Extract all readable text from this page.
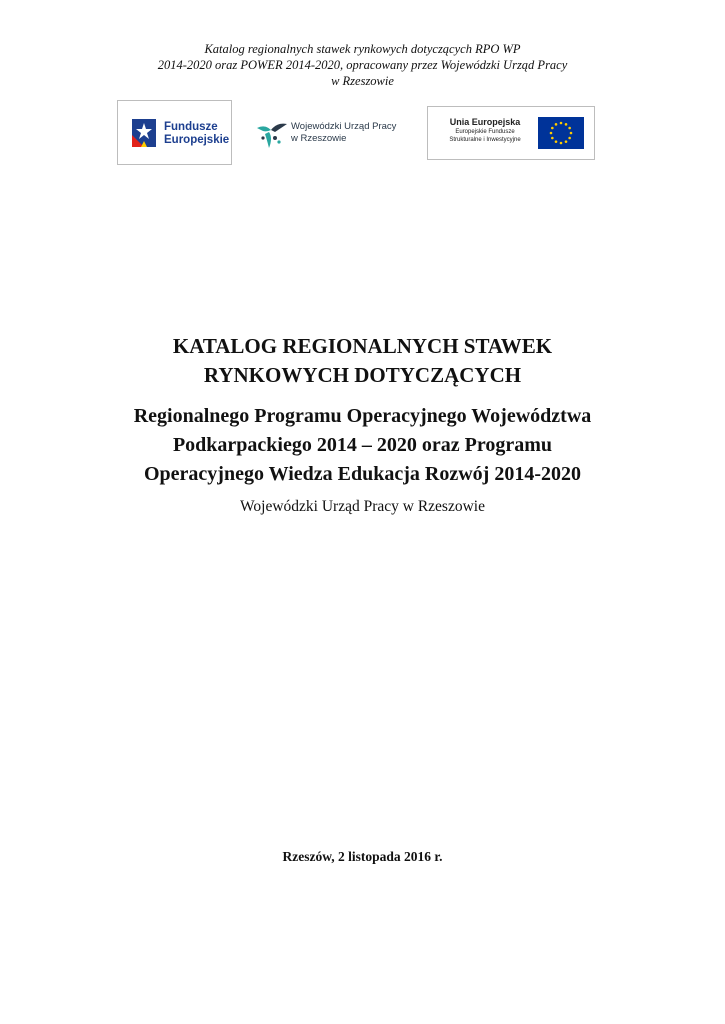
Katalog regionalnych stawek rynkowych dotyczących RPO WP
2014-2020 oraz POWER 2014-2020, opracowany przez Wojewódzki Urząd Pracy
w Rzeszowie
Fundusze
Europejskie
Wojewódzki Urząd Pracy
w Rzeszowie
Unia Europejska
Europejskie Fundusze
Strukturalne i Inwestycyjne
KATALOG REGIONALNYCH STAWEK
RYNKOWYCH DOTYCZĄCYCH
Regionalnego Programu Operacyjnego Województwa
Podkarpackiego 2014 – 2020 oraz Programu
Operacyjnego Wiedza Edukacja Rozwój 2014-2020
Wojewódzki Urząd Pracy w Rzeszowie
Rzeszów, 2 listopada 2016 r.
